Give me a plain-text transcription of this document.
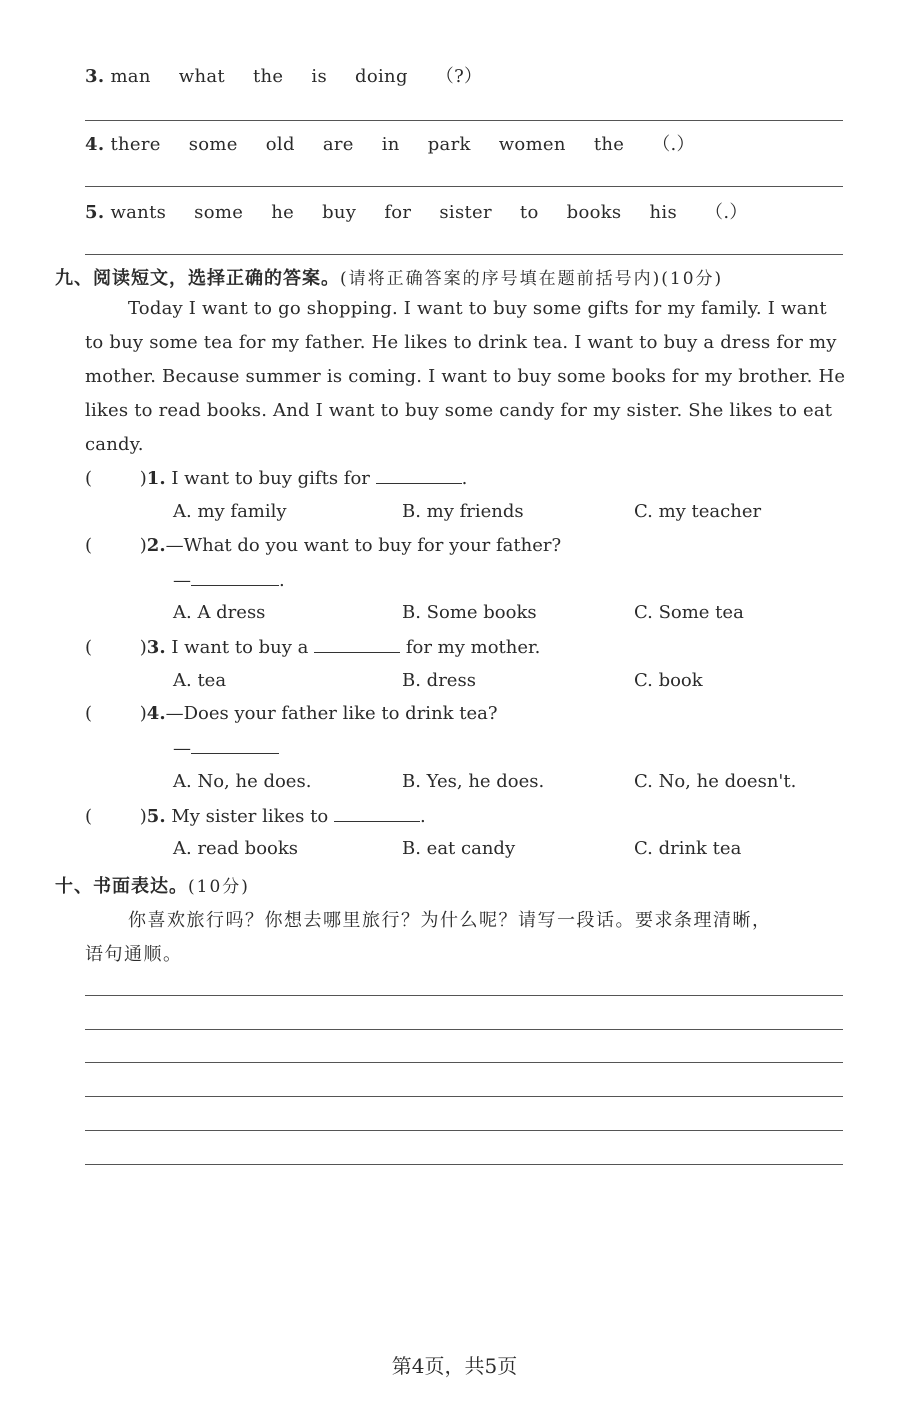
3. man what the is doing （?）
4. there some old are in park women the （.）
5. wants some he buy for sister to books his （.）
九、阅读短文，选择正确的答案。(请将正确答案的序号填在题前括号内)(10分)
Today I want to go shopping. I want to buy some gifts for my family. I want
to buy some tea for my father. He likes to drink tea. I want to buy a dress for my
mother. Because summer is coming. I want to buy some books for my brother. He
likes to read books. And I want to buy some candy for my sister. She likes to eat
candy.
(	)1. I want to buy gifts for	.
A. my family	B. my friends	C. my teacher
(	)2.—What do you want to buy for your father?
—	.
A. A dress	B. Some books	C. Some tea
(	)3. I want to buy a	for my mother.
A. tea	B. dress	C. book
(	)4.—Does your father like to drink tea?
—
A. No, he does.	B. Yes, he does.	C. No, he doesn't.
(	)5. My sister likes to	.
A. read books	B. eat candy	C. drink tea
十、书面表达。(10分)
你喜欢旅行吗？你想去哪里旅行？为什么呢？请写一段话。要求条理清晰，
语句通顺。
第4页，共5页
